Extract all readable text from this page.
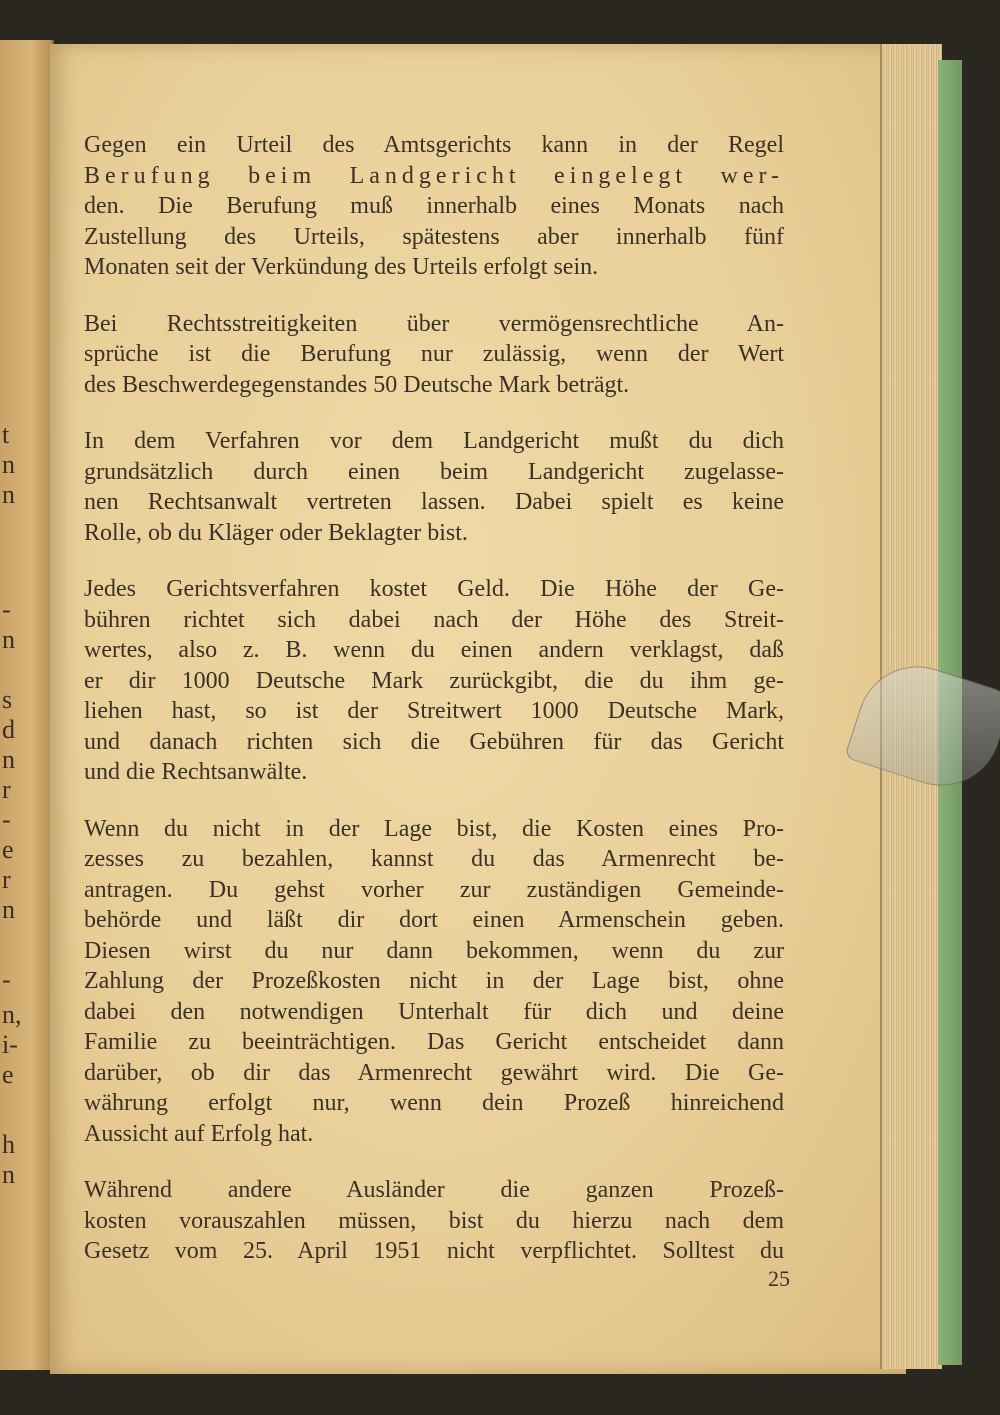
t
n
n
-
n
s
d
n
r
-
e
r
n
-
n,
i-
e
h
n
Gegen ein Urteil des Amtsgerichts kann in der Regel
Berufung beim Landgericht eingelegt wer-
den. Die Berufung muß innerhalb eines Monats nach
Zustellung des Urteils, spätestens aber innerhalb fünf
Monaten seit der Verkündung des Urteils erfolgt sein.
Bei Rechtsstreitigkeiten über vermögensrechtliche An-
sprüche ist die Berufung nur zulässig, wenn der Wert
des Beschwerdegegenstandes 50 Deutsche Mark beträgt.
In dem Verfahren vor dem Landgericht mußt du dich
grundsätzlich durch einen beim Landgericht zugelasse-
nen Rechtsanwalt vertreten lassen. Dabei spielt es keine
Rolle, ob du Kläger oder Beklagter bist.
Jedes Gerichtsverfahren kostet Geld. Die Höhe der Ge-
bühren richtet sich dabei nach der Höhe des Streit-
wertes, also z. B. wenn du einen andern verklagst, daß
er dir 1000 Deutsche Mark zurückgibt, die du ihm ge-
liehen hast, so ist der Streitwert 1000 Deutsche Mark,
und danach richten sich die Gebühren für das Gericht
und die Rechtsanwälte.
Wenn du nicht in der Lage bist, die Kosten eines Pro-
zesses zu bezahlen, kannst du das Armenrecht be-
antragen. Du gehst vorher zur zuständigen Gemeinde-
behörde und läßt dir dort einen Armenschein geben.
Diesen wirst du nur dann bekommen, wenn du zur
Zahlung der Prozeßkosten nicht in der Lage bist, ohne
dabei den notwendigen Unterhalt für dich und deine
Familie zu beeinträchtigen. Das Gericht entscheidet dann
darüber, ob dir das Armenrecht gewährt wird. Die Ge-
währung erfolgt nur, wenn dein Prozeß hinreichend
Aussicht auf Erfolg hat.
Während andere Ausländer die ganzen Prozeß-
kosten vorauszahlen müssen, bist du hierzu nach dem
Gesetz vom 25. April 1951 nicht verpflichtet. Solltest du
25
